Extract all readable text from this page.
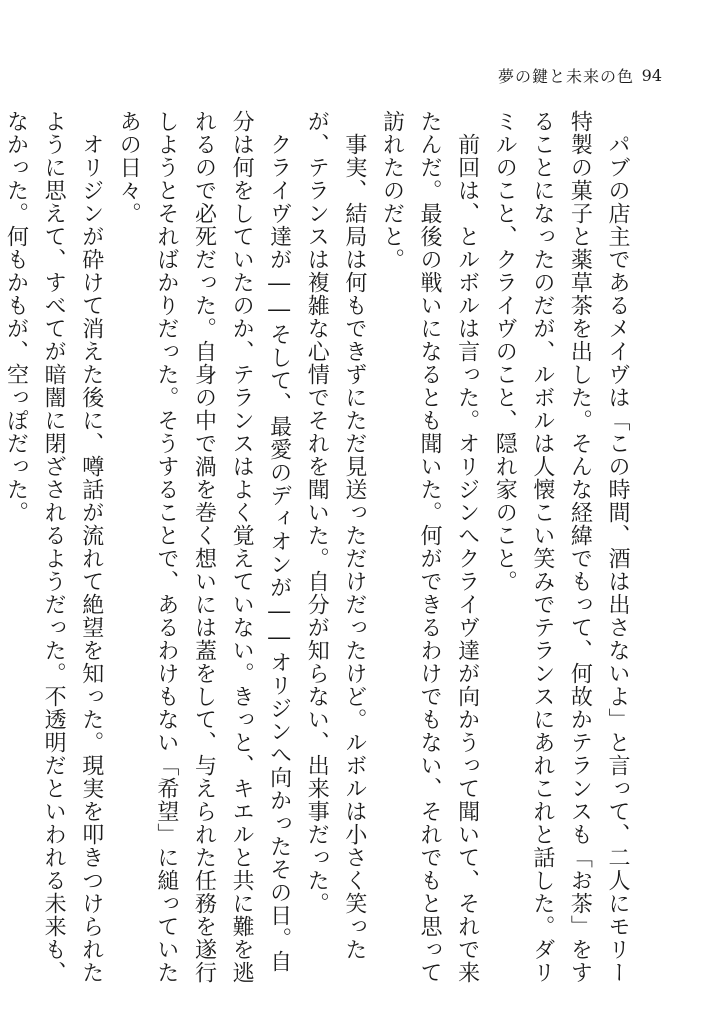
夢の鍵と未来の色 94

　パブの店主であるメイヴは「この時間、酒は出さないよ」と言って、二人にモリー特製の菓子と薬草茶を出した。そんな経緯でもって、何故かテランスも「お茶」をすることになったのだが、ルボルは人懐こい笑みでテランスにあれこれと話した。ダリミルのこと、クライヴのこと、隠れ家のこと。

　前回は、とルボルは言った。オリジンへクライヴ達が向かうって聞いて、それで来たんだ。最後の戦いになるとも聞いた。何ができるわけでもない、それでもと思って訪れたのだと。

　事実、結局は何もできずにただ見送っただけだったけど。ルボルは小さく笑ったが、テランスは複雑な心情でそれを聞いた。自分が知らない、出来事だった。

　クライヴ達が――そして、最愛のディオンが――オリジンへ向かったその日。自分は何をしていたのか、テランスはよく覚えていない。きっと、キエルと共に難を逃れるので必死だった。自身の中で渦を巻く想いには蓋をして、与えられた任務を遂行しようとそればかりだった。そうすることで、あるわけもない「希望」に縋っていたあの日々。

　オリジンが砕けて消えた後に、噂話が流れて絶望を知った。現実を叩きつけられたように思えて、すべてが暗闇に閉ざされるようだった。不透明だといわれる未来も、なかった。何もかもが、空っぽだった。
